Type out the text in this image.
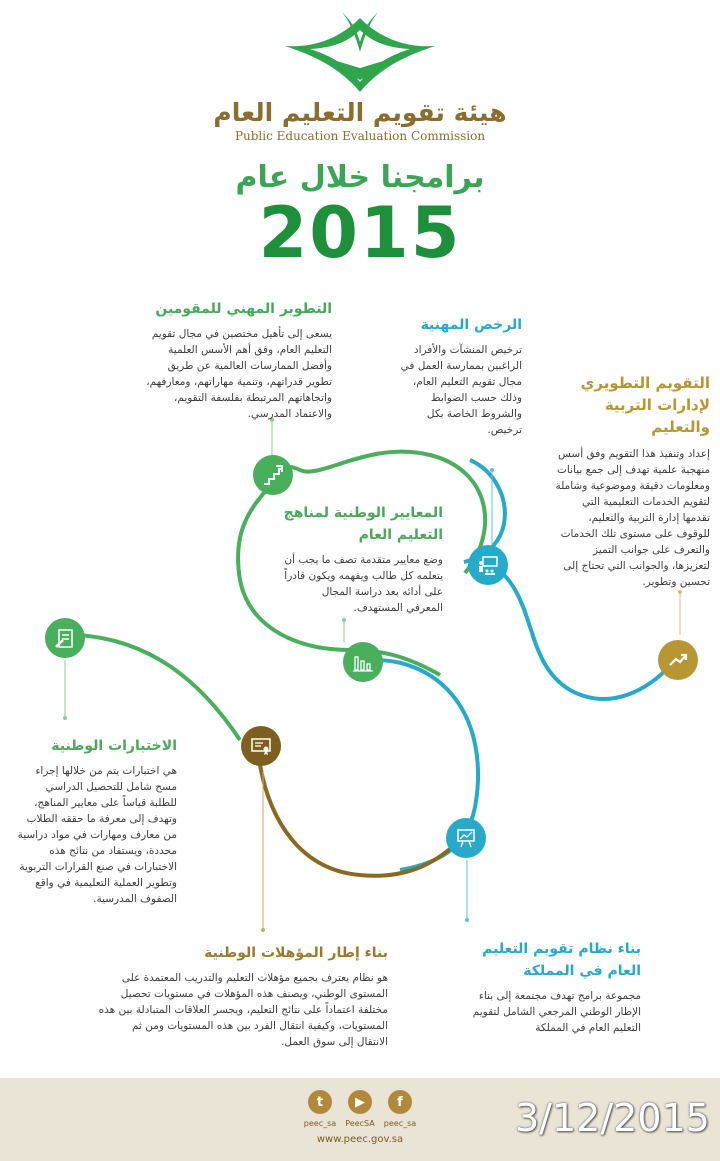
هيئة تقويم التعليم العام
Public Education Evaluation Commission
برامجنا خلال عام
2015
التطوير المهني للمقومين
يسعى إلى تأهيل مختصين في مجال تقويم التعليم العام، وفق أهم الأسس العلمية وأفضل الممارسات العالمية عن طريق تطوير قدراتهم، وتنمية مهاراتهم، ومعارفهم، واتجاهاتهم المرتبطة بفلسفة التقويم، والاعتماد المدرسي.
الرخص المهنية
ترخيص المنشآت والأفراد الراغبين بممارسة العمل في مجال تقويم التعليم العام، وذلك حسب الضوابط والشروط الخاصة بكل ترخيص.
التقويم التطويري لإدارات التربية والتعليم
إعداد وتنفيذ هذا التقويم وفق أسس منهجية علمية تهدف إلى جمع بيانات ومعلومات دقيقة وموضوعية وشاملة لتقويم الخدمات التعليمية التي تقدمها إدارة التربية والتعليم، للوقوف على مستوى تلك الخدمات والتعرف على جوانب التميز لتعزيزها، والجوانب التي تحتاج إلى تحسين وتطوير.
المعايير الوطنية لمناهج التعليم العام
وضع معايير متقدمة تصف ما يجب أن يتعلمه كل طالب ويفهمه ويكون قادراً على أدائه بعد دراسة المجال المعرفي المستهدف.
الاختبارات الوطنية
هي اختبارات يتم من خلالها إجراء مسح شامل للتحصيل الدراسي للطلبة قياساً على معايير المناهج، وتهدف إلى معرفة ما حققه الطلاب من معارف ومهارات في مواد دراسية محددة، ويستفاد من نتائج هذه الاختبارات في صنع القرارات التربوية وتطوير العملية التعليمية في واقع الصفوف المدرسية.
بناء إطار المؤهلات الوطنية
هو نظام يعترف بجميع مؤهلات التعليم والتدريب المعتمدة على المستوى الوطني، ويصنف هذه المؤهلات في مستويات تحصيل مختلفة اعتماداً على نتائج التعليم، ويجسر العلاقات المتبادلة بين هذه المستويات، وكيفية انتقال الفرد بين هذه المستويات ومن ثم الانتقال إلى سوق العمل.
بناء نظام تقويم التعليم العام في المملكة
مجموعة برامج تهدف مجتمعة إلى بناء الإطار الوطني المرجعي الشامل لتقويم التعليم العام في المملكة
t
peec_sa
▶
PeecSA
f
peec_sa
www.peec.gov.sa	3/12/2015
